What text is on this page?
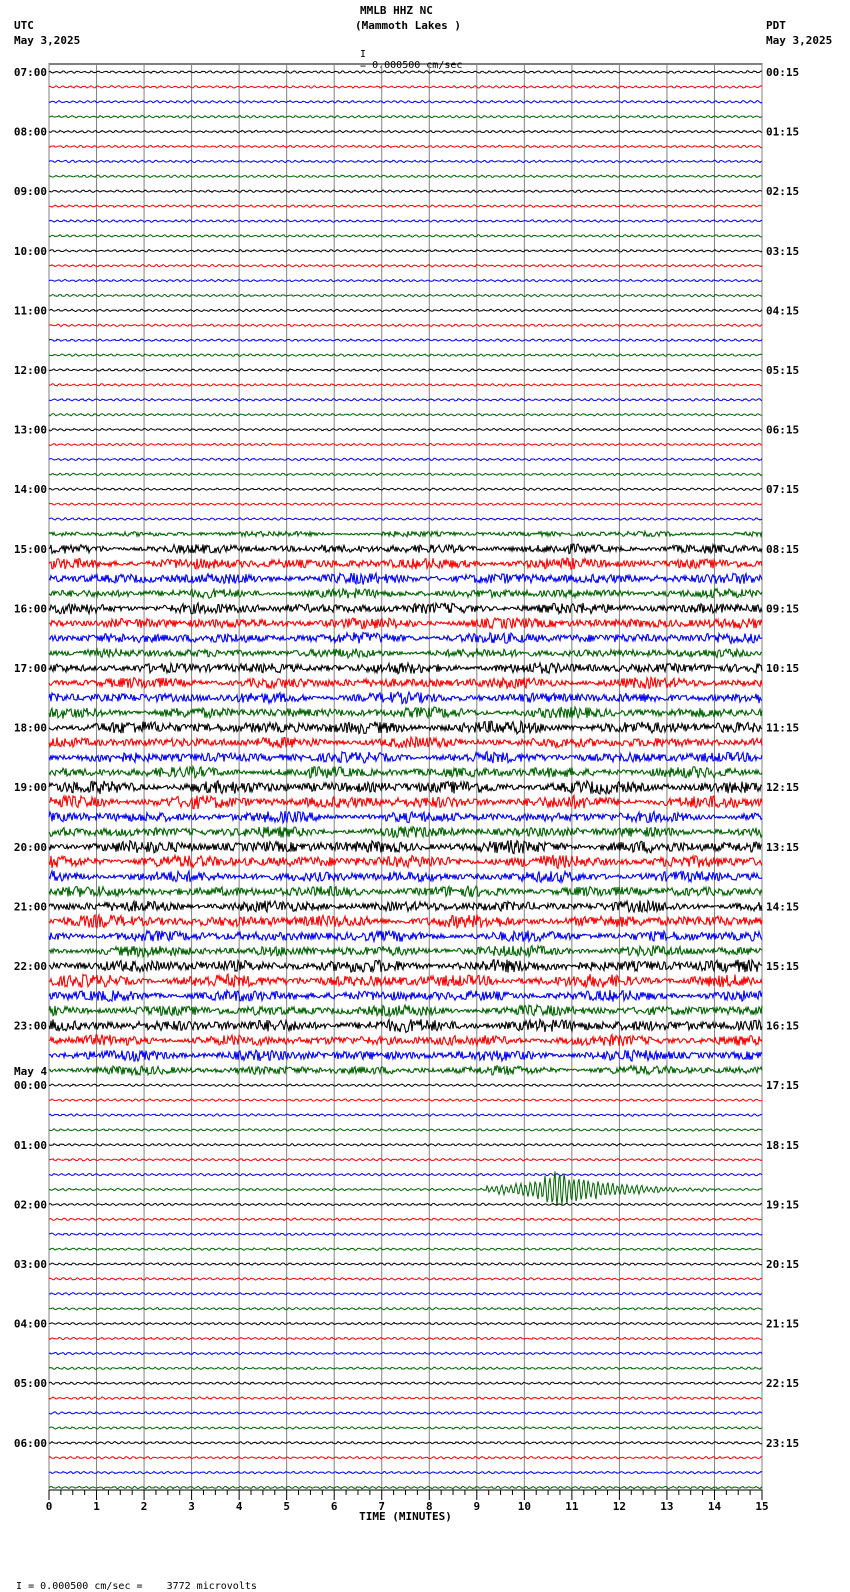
MMLB HHZ NC
(Mammoth Lakes )

I
= 0.000500 cm/sec

UTC
May 3,2025
PDT
May 3,2025
07:00
08:00
09:00
10:00
11:00
12:00
13:00
14:00
15:00
16:00
17:00
18:00
19:00
20:00
21:00
22:00
23:00
00:00
01:00
02:00
03:00
04:00
05:00
06:00
00:15
01:15
02:15
03:15
04:15
05:15
06:15
07:15
08:15
09:15
10:15
11:15
12:15
13:15
14:15
15:15
16:15
17:15
18:15
19:15
20:15
21:15
22:15
23:15
May 4
0	1	2	3	4	5	6	7	8	9	10	11	12	13	14	15
TIME (MINUTES)

I = 0.000500 cm/sec =    3772 microvolts
